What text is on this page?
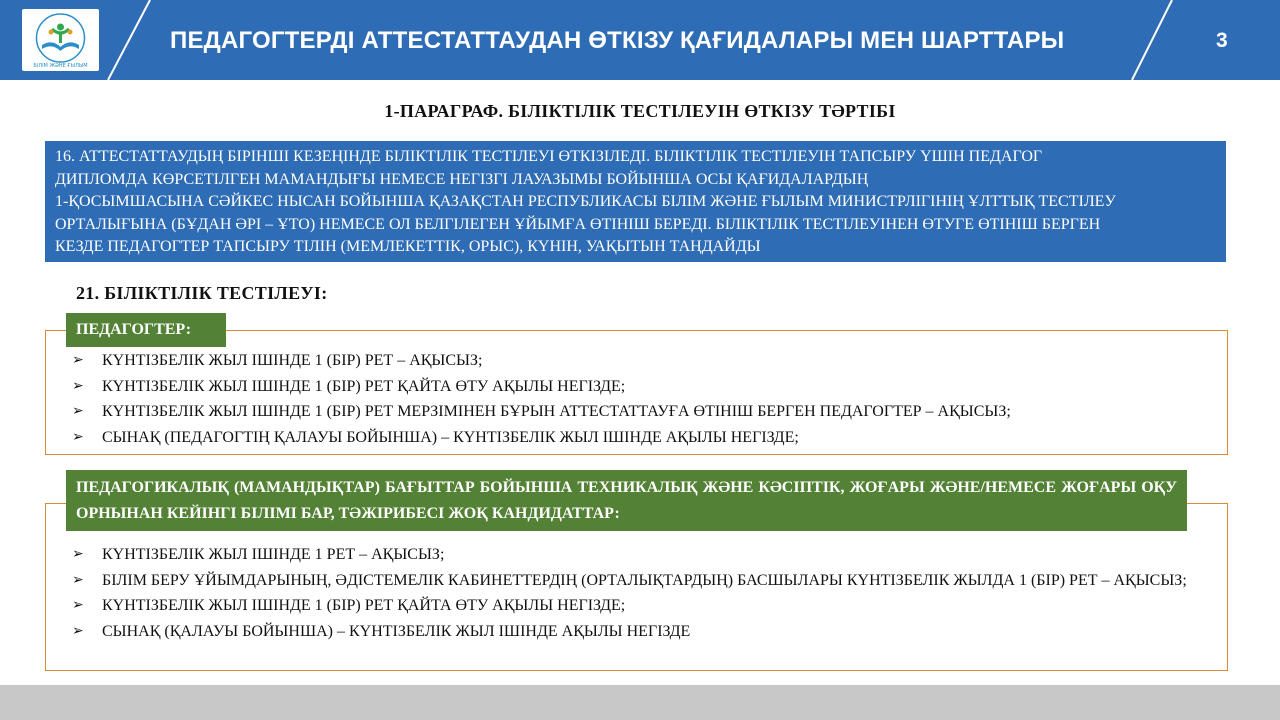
БІЛІМ ЖӘНЕ ҒЫЛЫМ
ПЕДАГОГТЕРДІ АТТЕСТАТТАУДАН ӨТКІЗУ ҚАҒИДАЛАРЫ МЕН ШАРТТАРЫ	3
1-ПАРАГРАФ. БІЛІКТІЛІК ТЕСТІЛЕУІН ӨТКІЗУ ТӘРТІБІ

16. АТТЕСТАТТАУДЫҢ БІРІНШІ КЕЗЕҢІНДЕ БІЛІКТІЛІК ТЕСТІЛЕУІ ӨТКІЗІЛЕДІ. БІЛІКТІЛІК ТЕСТІЛЕУІН ТАПСЫРУ ҮШІН ПЕДАГОГ

ДИПЛОМДА КӨРСЕТІЛГЕН МАМАНДЫҒЫ НЕМЕСЕ НЕГІЗГІ ЛАУАЗЫМЫ БОЙЫНША ОСЫ ҚАҒИДАЛАРДЫҢ

1-ҚОСЫМШАСЫНА СӘЙКЕС НЫСАН БОЙЫНША ҚАЗАҚСТАН РЕСПУБЛИКАСЫ БІЛІМ ЖӘНЕ ҒЫЛЫМ МИНИСТРЛІГІНІҢ ҰЛТТЫҚ ТЕСТІЛЕУ

ОРТАЛЫҒЫНА (БҰДАН ӘРІ – ҰТО) НЕМЕСЕ ОЛ БЕЛГІЛЕГЕН ҰЙЫМҒА ӨТІНІШ БЕРЕДІ. БІЛІКТІЛІК ТЕСТІЛЕУІНЕН ӨТУГЕ ӨТІНІШ БЕРГЕН

КЕЗДЕ ПЕДАГОГТЕР ТАПСЫРУ ТІЛІН (МЕМЛЕКЕТТІК, ОРЫС), КҮНІН, УАҚЫТЫН ТАҢДАЙДЫ

21. БІЛІКТІЛІК ТЕСТІЛЕУІ:
ПЕДАГОГТЕР:
➢ КҮНТІЗБЕЛІК ЖЫЛ ІШІНДЕ 1 (БІР) РЕТ – АҚЫСЫЗ;
➢ КҮНТІЗБЕЛІК ЖЫЛ ІШІНДЕ 1 (БІР) РЕТ ҚАЙТА ӨТУ АҚЫЛЫ НЕГІЗДЕ;
➢ КҮНТІЗБЕЛІК ЖЫЛ ІШІНДЕ 1 (БІР) РЕТ МЕРЗІМІНЕН БҰРЫН АТТЕСТАТТАУҒА ӨТІНІШ БЕРГЕН ПЕДАГОГТЕР – АҚЫСЫЗ;
➢ СЫНАҚ (ПЕДАГОГТІҢ ҚАЛАУЫ БОЙЫНША) – КҮНТІЗБЕЛІК ЖЫЛ ІШІНДЕ АҚЫЛЫ НЕГІЗДЕ;
ПЕДАГОГИКАЛЫҚ (МАМАНДЫҚТАР) БАҒЫТТАР БОЙЫНША ТЕХНИКАЛЫҚ ЖӘНЕ КӘСІПТІК, ЖОҒАРЫ ЖӘНЕ/НЕМЕСЕ ЖОҒАРЫ ОҚУ ОРНЫНАН КЕЙІНГІ БІЛІМІ БАР, ТӘЖІРИБЕСІ ЖОҚ КАНДИДАТТАР:
➢ КҮНТІЗБЕЛІК ЖЫЛ ІШІНДЕ 1 РЕТ – АҚЫСЫЗ;
➢ БІЛІМ БЕРУ ҰЙЫМДАРЫНЫҢ, ӘДІСТЕМЕЛІК КАБИНЕТТЕРДІҢ (ОРТАЛЫҚТАРДЫҢ) БАСШЫЛАРЫ КҮНТІЗБЕЛІК ЖЫЛДА 1 (БІР) РЕТ – АҚЫСЫЗ;
➢ КҮНТІЗБЕЛІК ЖЫЛ ІШІНДЕ 1 (БІР) РЕТ ҚАЙТА ӨТУ АҚЫЛЫ НЕГІЗДЕ;
➢ СЫНАҚ (ҚАЛАУЫ БОЙЫНША) – КҮНТІЗБЕЛІК ЖЫЛ ІШІНДЕ АҚЫЛЫ НЕГІЗДЕ
